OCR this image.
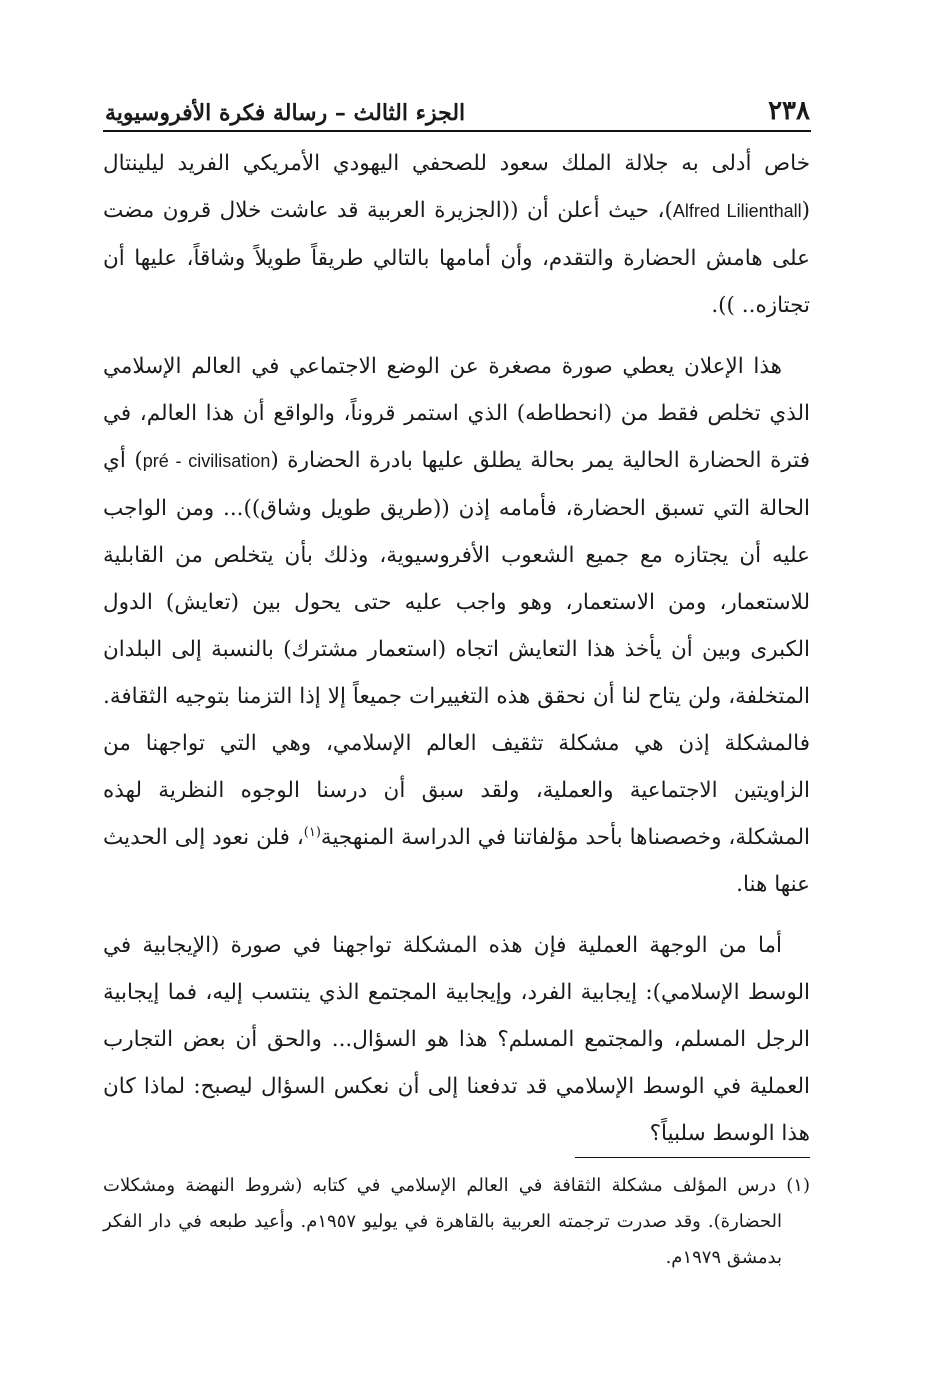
٢٣٨
الجزء الثالث – رسالة فكرة الأفروسيوية

خاص أدلى به جلالة الملك سعود للصحفي اليهودي الأمريكي الفريد ليلينتال (Alfred Lilienthall)، حيث أعلن أن ((الجزيرة العربية قد عاشت خلال قرون مضت على هامش الحضارة والتقدم، وأن أمامها بالتالي طريقاً طويلاً وشاقاً، عليها أن تجتازه.. )).

هذا الإعلان يعطي صورة مصغرة عن الوضع الاجتماعي في العالم الإسلامي الذي تخلص فقط من (انحطاطه) الذي استمر قروناً، والواقع أن هذا العالم، في فترة الحضارة الحالية يمر بحالة يطلق عليها بادرة الحضارة (pré - civilisation) أي الحالة التي تسبق الحضارة، فأمامه إذن ((طريق طويل وشاق))... ومن الواجب عليه أن يجتازه مع جميع الشعوب الأفروسيوية، وذلك بأن يتخلص من القابلية للاستعمار، ومن الاستعمار، وهو واجب عليه حتى يحول بين (تعايش) الدول الكبرى وبين أن يأخذ هذا التعايش اتجاه (استعمار مشترك) بالنسبة إلى البلدان المتخلفة، ولن يتاح لنا أن نحقق هذه التغييرات جميعاً إلا إذا التزمنا بتوجيه الثقافة. فالمشكلة إذن هي مشكلة تثقيف العالم الإسلامي، وهي التي تواجهنا من الزاويتين الاجتماعية والعملية، ولقد سبق أن درسنا الوجوه النظرية لهذه المشكلة، وخصصناها بأحد مؤلفاتنا في الدراسة المنهجية$^{(١)}$، فلن نعود إلى الحديث عنها هنا.

أما من الوجهة العملية فإن هذه المشكلة تواجهنا في صورة (الإيجابية في الوسط الإسلامي): إيجابية الفرد، وإيجابية المجتمع الذي ينتسب إليه، فما إيجابية الرجل المسلم، والمجتمع المسلم؟ هذا هو السؤال... والحق أن بعض التجارب العملية في الوسط الإسلامي قد تدفعنا إلى أن نعكس السؤال ليصبح: لماذا كان هذا الوسط سلبياً؟

(١) درس المؤلف مشكلة الثقافة في العالم الإسلامي في كتابه (شروط النهضة ومشكلات الحضارة). وقد صدرت ترجمته العربية بالقاهرة في يوليو ١٩٥٧م. وأعيد طبعه في دار الفكر بدمشق ١٩٧٩م.
